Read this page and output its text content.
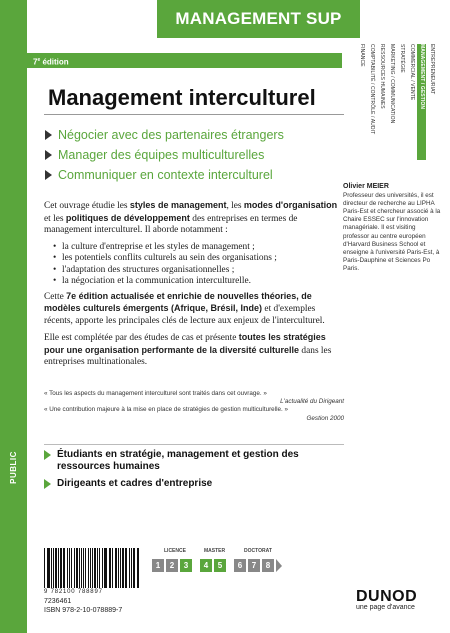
MANAGEMENT SUP
7e édition	FINANCE COMPTABILITÉ / CONTRÔLE / AUDIT RESSOURCES HUMAINES MARKETING / COMMUNICATION STRATÉGIE COMMERCIAL / VENTE MANAGEMENT / GESTION ENTREPRENEURIAT
Management interculturel
Négocier avec des partenaires étrangers
Manager des équipes multiculturelles
Communiquer en contexte interculturel
Olivier MEIER
Professeur des universités, il est directeur de recherche au LIPHA Paris-Est et chercheur associé à la Chaire ESSEC sur l'innovation managériale. Il est visiting professor au centre européen d'Harvard Business School et enseigne à l'université Paris-Est, à Paris-Dauphine et Sciences Po Paris.

Cet ouvrage étudie les styles de management, les modes d'organisation et les politiques de développement des entreprises en termes de management interculturel. Il aborde notamment :

• la culture d'entreprise et les styles de management ;
• les potentiels conflits culturels au sein des organisations ;
• l'adaptation des structures organisationnelles ;
• la négociation et la communication interculturelle.

Cette 7e édition actualisée et enrichie de nouvelles théories, de modèles culturels émergents (Afrique, Brésil, Inde) et d'exemples récents, apporte les principales clés de lecture aux enjeux de l'interculturel.

Elle est complétée par des études de cas et présente toutes les stratégies pour une organisation performante de la diversité culturelle dans les entreprises multinationales.

« Tous les aspects du management interculturel sont traités dans cet ouvrage. »
L'actualité du Dirigeant
« Une contribution majeure à la mise en place de stratégies de gestion multiculturelle. »
Gestion 2000
PUBLIC	Étudiants en stratégie, management et gestion des ressources humaines
Dirigeants et cadres d'entreprise
9 782100 788897
7236461
ISBN 978-2-10-078889-7
LICENCE	MASTER	DOCTORAT
1	2	3	4	5	6	7	8
DUNOD
une page d'avance
